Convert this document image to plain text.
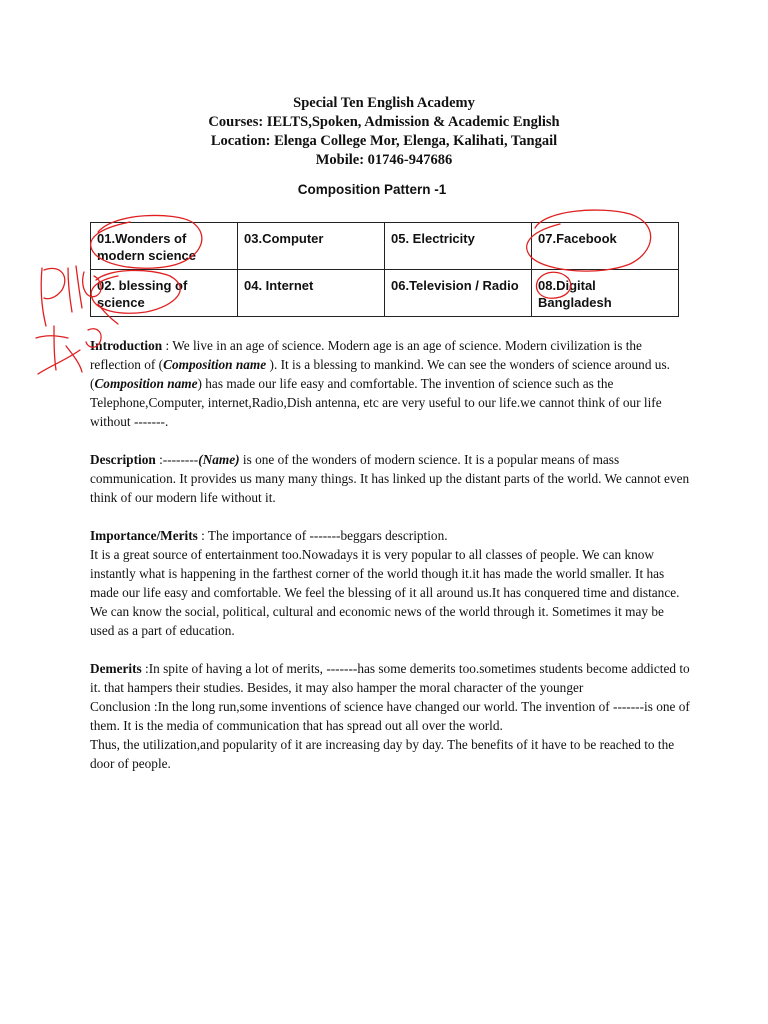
Special Ten English Academy
Courses: IELTS,Spoken, Admission & Academic English
Location: Elenga College Mor, Elenga, Kalihati, Tangail
Mobile: 01746-947686
Composition Pattern -1
01.Wonders of modern science	03.Computer	05. Electricity	07.Facebook
02. blessing of science	04. Internet	06.Television / Radio	08.Digital Bangladesh

Introduction : We live in an age of science. Modern age is an age of science. Modern civilization is the reflection of (Composition name ). It is a blessing to mankind. We can see the wonders of science around us. (Composition name) has made our life easy and comfortable. The invention of science such as the Telephone,Computer, internet,Radio,Dish antenna, etc are very useful to our life.we cannot think of our life without -------.

Description :--------(Name) is one of the wonders of modern science. It is a popular means of mass communication. It provides us many many things. It has linked up the distant parts of the world. We cannot even think of our modern life without it.

Importance/Merits : The importance of -------beggars description.
It is a great source of entertainment too.Nowadays it is very popular to all classes of people. We can know instantly what is happening in the farthest corner of the world though it.it has made the world smaller. It has made our life easy and comfortable. We feel the blessing of it all around us.It has conquered time and distance. We can know the social, political, cultural and economic news of the world through it. Sometimes it may be used as a part of education.

Demerits :In spite of having a lot of merits, -------has some demerits too.sometimes students become addicted to it. that hampers their studies. Besides, it may also hamper the moral character of the younger
Conclusion :In the long run,some inventions of science have changed our world. The invention of -------is one of them. It is the media of communication that has spread out all over the world.
Thus, the utilization,and popularity of it are increasing day by day. The benefits of it have to be reached to the door of people.
